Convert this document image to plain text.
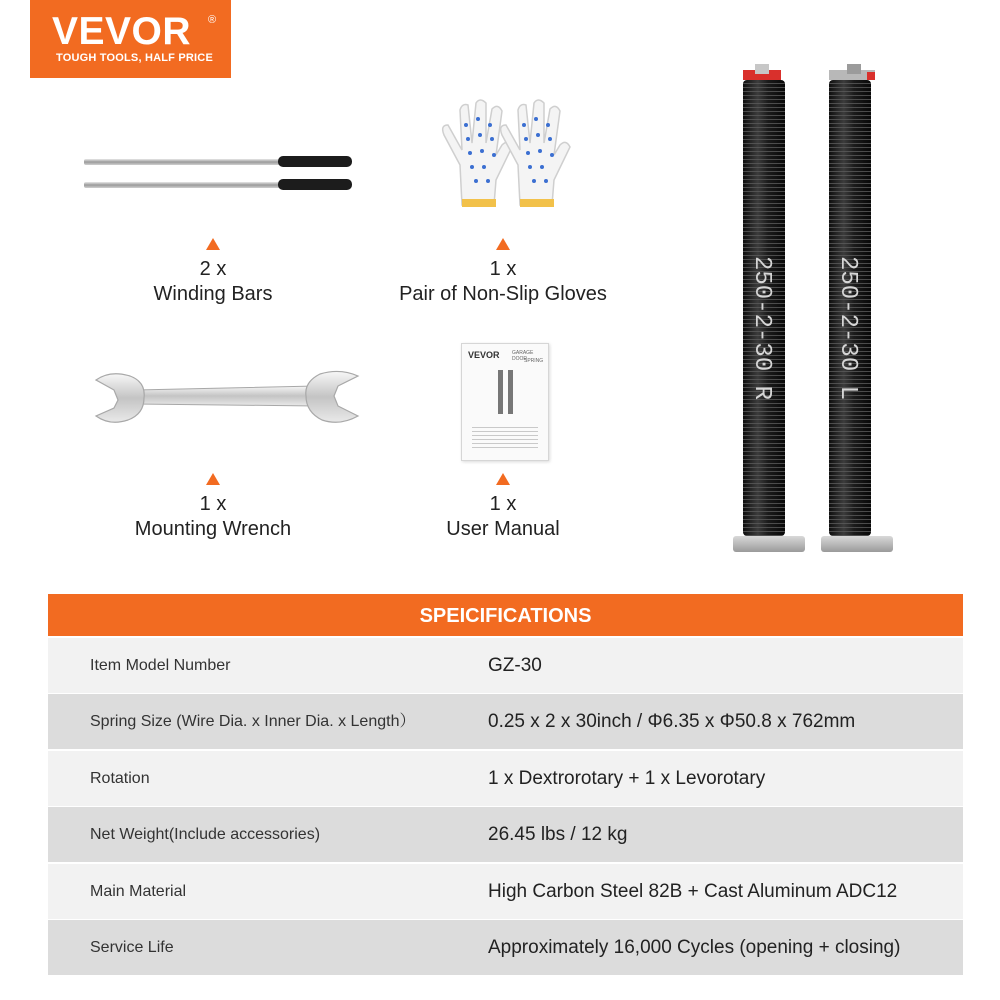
VEVOR ®
TOUGH TOOLS, HALF PRICE
VEVOR GARAGE DOOR
SPRING
2 x
Winding Bars
1 x
Pair of Non-Slip Gloves
1 x
Mounting Wrench
1 x
User Manual
250-2-30 R 250-2-30 L
SPEICIFICATIONS
Item Model Number	GZ-30
Spring Size (Wire Dia. x Inner Dia. x Length）	0.25 x 2 x 30inch / Φ6.35 x Φ50.8 x 762mm
Rotation	1 x Dextrorotary + 1 x Levorotary
Net Weight(Include accessories)	26.45 lbs / 12 kg
Main Material	High Carbon Steel 82B + Cast Aluminum ADC12
Service Life	Approximately 16,000 Cycles (opening + closing)
